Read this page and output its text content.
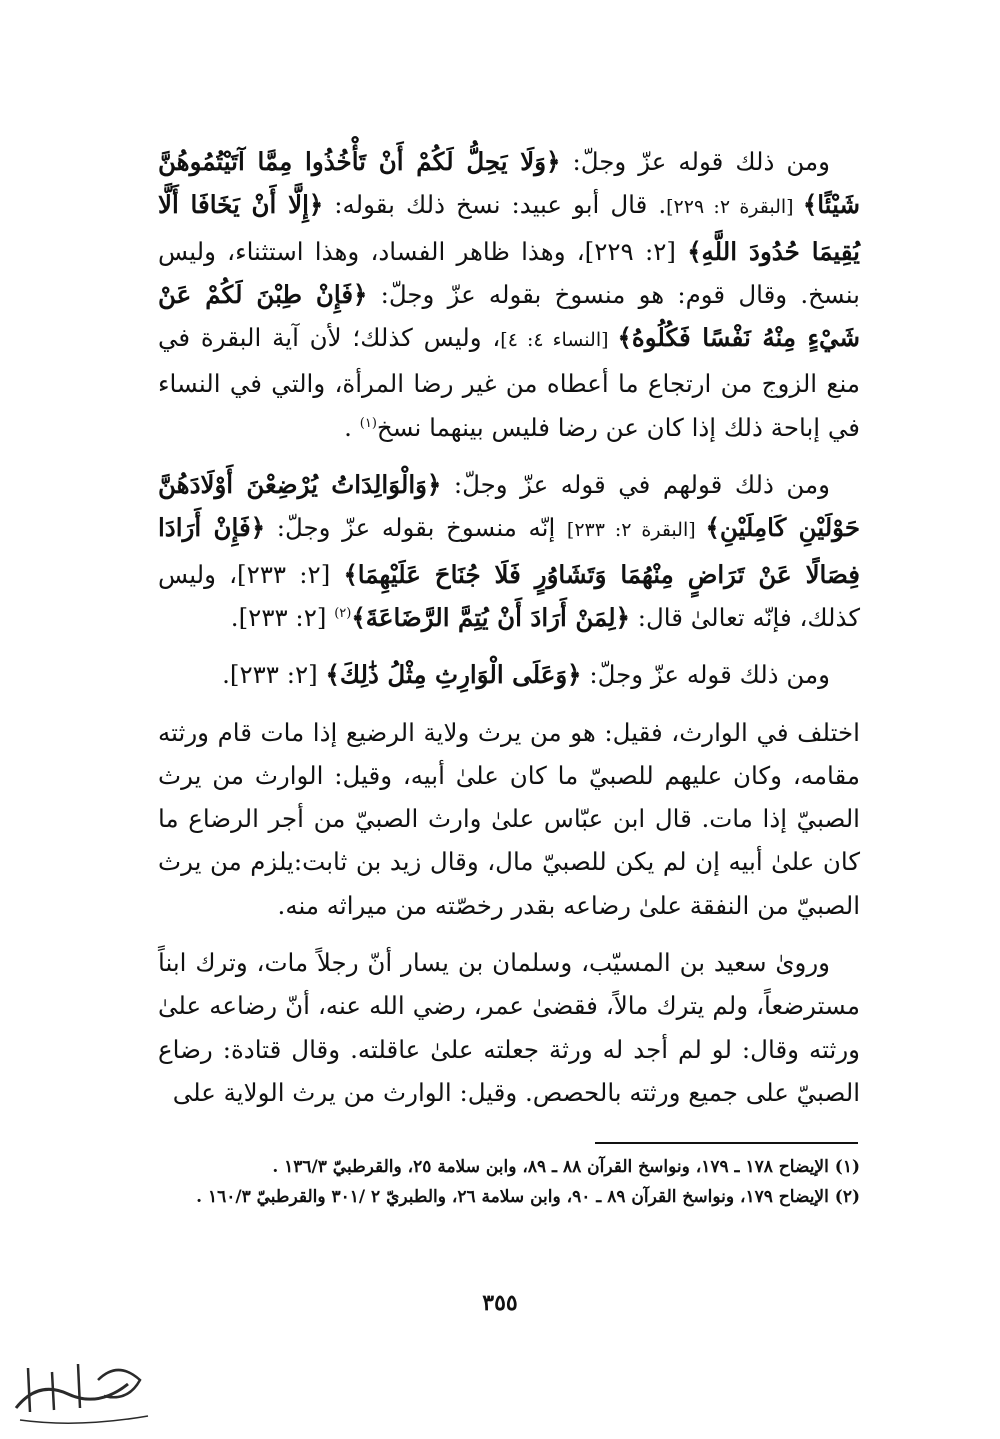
ومن ذلك قوله عزّ وجلّ: ﴿وَلَا يَحِلُّ لَكُمْ أَنْ تَأْخُذُوا مِمَّا آتَيْتُمُوهُنَّ شَيْئًا﴾ [البقرة ٢: ٢٢٩]. قال أبو عبيد: نسخ ذلك بقوله: ﴿إِلَّا أَنْ يَخَافَا أَلَّا يُقِيمَا حُدُودَ اللَّهِ﴾ [٢: ٢٢٩]، وهذا ظاهر الفساد، وهذا استثناء، وليس بنسخ. وقال قوم: هو منسوخ بقوله عزّ وجلّ: ﴿فَإِنْ طِبْنَ لَكُمْ عَنْ شَيْءٍ مِنْهُ نَفْسًا فَكُلُوهُ﴾ [النساء ٤: ٤]، وليس كذلك؛ لأن آية البقرة في منع الزوج من ارتجاع ما أعطاه من غير رضا المرأة، والتي في النساء في إباحة ذلك إذا كان عن رضا فليس بينهما نسخ$^{(١)}$ .

ومن ذلك قولهم في قوله عزّ وجلّ: ﴿وَالْوَالِدَاتُ يُرْضِعْنَ أَوْلَادَهُنَّ حَوْلَيْنِ كَامِلَيْنِ﴾ [البقرة ٢: ٢٣٣] إنّه منسوخ بقوله عزّ وجلّ: ﴿فَإِنْ أَرَادَا فِصَالًا عَنْ تَرَاضٍ مِنْهُمَا وَتَشَاوُرٍ فَلَا جُنَاحَ عَلَيْهِمَا﴾ [٢: ٢٣٣]، وليس كذلك، فإنّه تعالىٰ قال: ﴿لِمَنْ أَرَادَ أَنْ يُتِمَّ الرَّضَاعَةَ﴾$^{(٢)}$ [٢: ٢٣٣].

ومن ذلك قوله عزّ وجلّ: ﴿وَعَلَى الْوَارِثِ مِثْلُ ذَٰلِكَ﴾ [٢: ٢٣٣].

اختلف في الوارث، فقيل: هو من يرث ولاية الرضيع إذا مات قام ورثته مقامه، وكان عليهم للصبيّ ما كان علىٰ أبيه، وقيل: الوارث من يرث الصبيّ إذا مات. قال ابن عبّاس علىٰ وارث الصبيّ من أجر الرضاع ما كان علىٰ أبيه إن لم يكن للصبيّ مال، وقال زيد بن ثابت:يلزم من يرث الصبيّ من النفقة علىٰ رضاعه بقدر رخصّته من ميراثه منه.

وروىٰ سعيد بن المسيّب، وسلمان بن يسار أنّ رجلاً مات، وترك ابناً مسترضعاً، ولم يترك مالاً، فقضىٰ عمر، رضي الله عنه، أنّ رضاعه علىٰ ورثته وقال: لو لم أجد له ورثة جعلته علىٰ عاقلته. وقال قتادة: رضاع الصبيّ على جميع ورثته بالحصص. وقيل: الوارث من يرث الولاية على

(١) الإيضاح ١٧٨ ـ ١٧٩، ونواسخ القرآن ٨٨ ـ ٨٩، وابن سلامة ٢٥، والقرطبيّ ١٣٦/٣ .

(٢) الإيضاح ١٧٩، ونواسخ القرآن ٨٩ ـ ٩٠، وابن سلامة ٢٦، والطبريّ ٢ /٣٠١ والقرطبيّ ١٦٠/٣ .

٣٥٥
